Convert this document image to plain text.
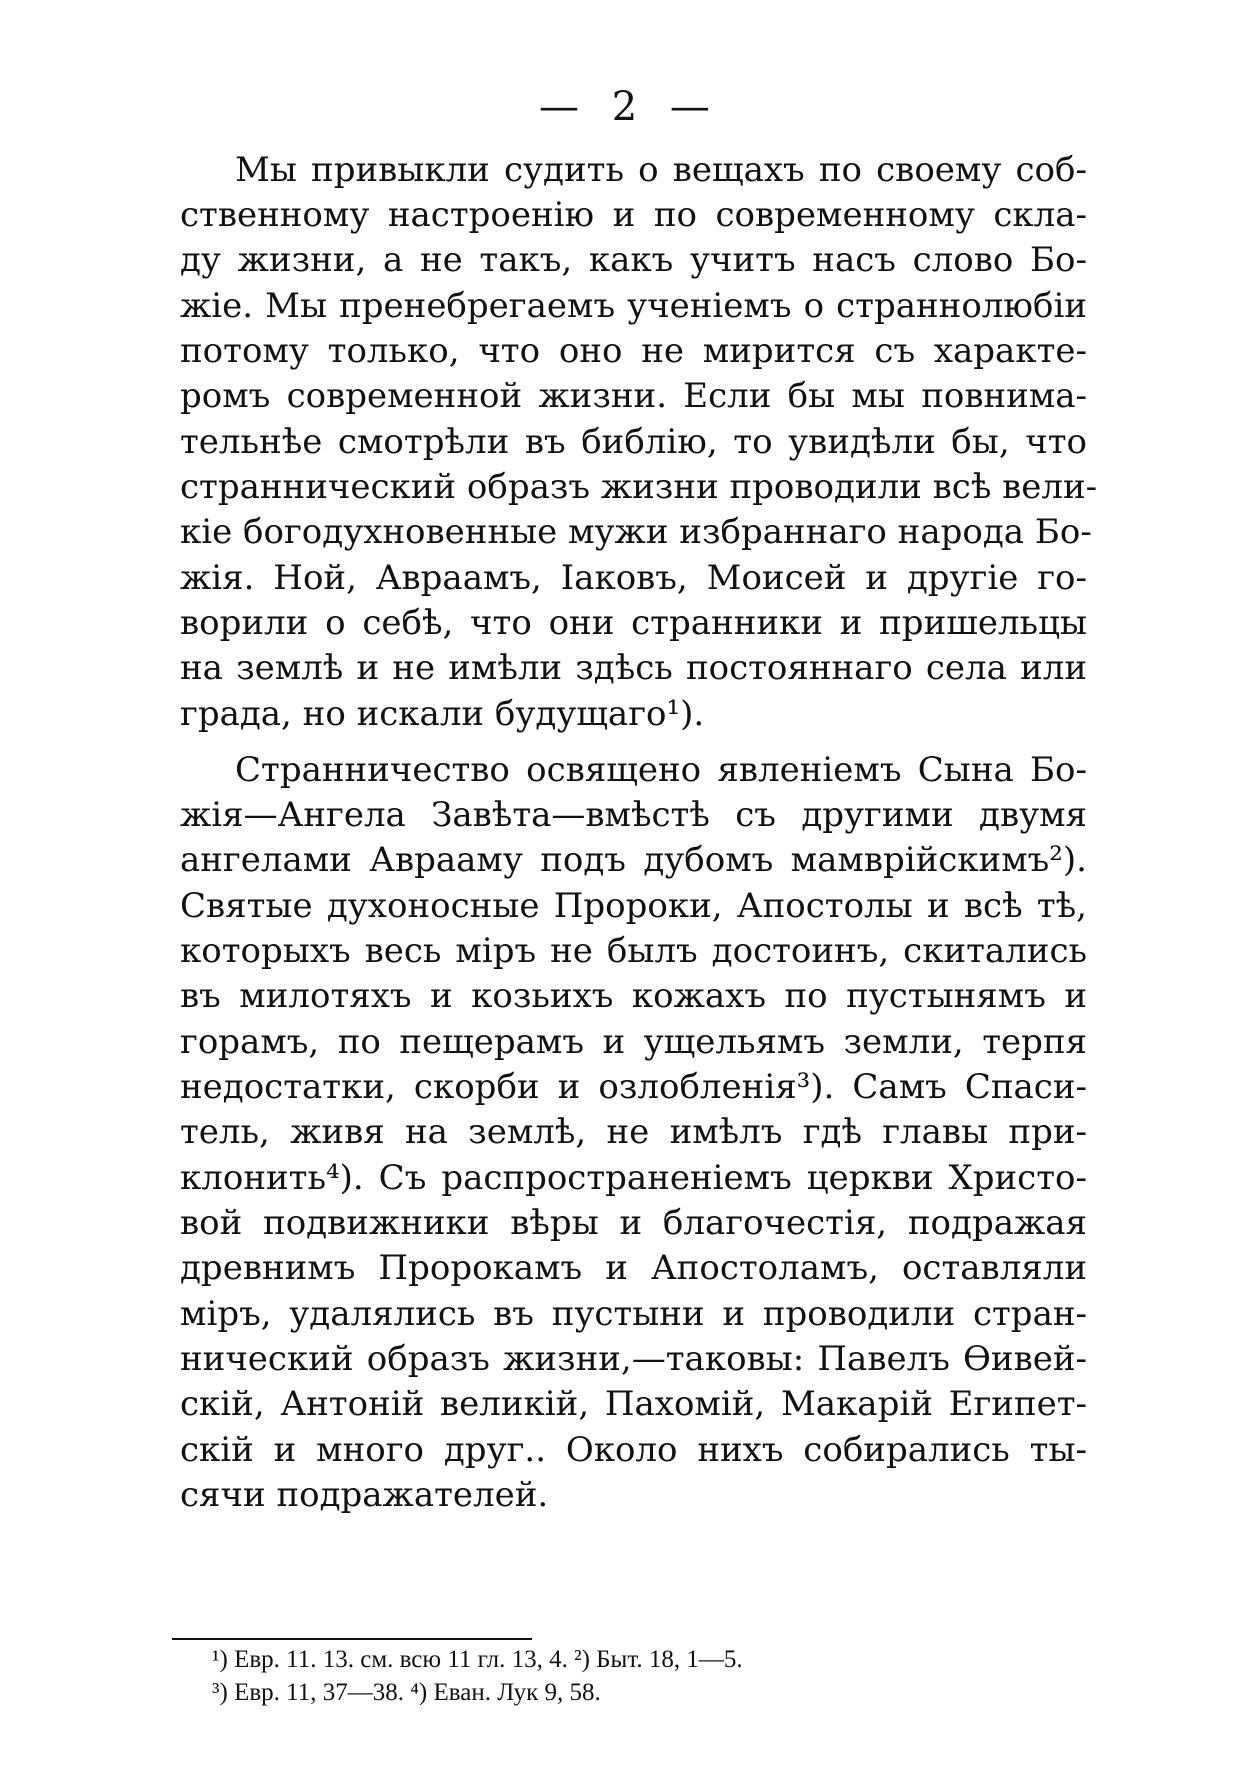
— 2 —

Мы привыкли судить о вещахъ по своему соб-

ственному настроенію и по современному скла-

ду жизни, а не такъ, какъ учитъ насъ слово Бо-

жіе. Мы пренебрегаемъ ученіемъ о страннолюбіи

потому только, что оно не мирится съ характе-

ромъ современной жизни. Если бы мы повнима-

тельнѣе смотрѣли въ библію, то увидѣли бы, что

страннический образъ жизни проводили всѣ вели-

кіе богодухновенные мужи избраннаго народа Бо-

жія. Ной, Авраамъ, Іаковъ, Моисей и другіе го-

ворили о себѣ, что они странники и пришельцы

на землѣ и не имѣли здѣсь постояннаго села или

града, но искали будущаго¹).

Странничество освящено явленіемъ Сына Бо-

жія—Ангела Завѣта—вмѣстѣ съ другими двумя

ангелами Аврааму подъ дубомъ мамврійскимъ²).

Святые духоносные Пророки, Апостолы и всѣ тѣ,

которыхъ весь міръ не былъ достоинъ, скитались

въ милотяхъ и козьихъ кожахъ по пустынямъ и

горамъ, по пещерамъ и ущельямъ земли, терпя

недостатки, скорби и озлобленія³). Самъ Спаси-

тель, живя на землѣ, не имѣлъ гдѣ главы при-

клонить⁴). Съ распространеніемъ церкви Христо-

вой подвижники вѣры и благочестія, подражая

древнимъ Пророкамъ и Апостоламъ, оставляли

міръ, удалялись въ пустыни и проводили стран-

нический образъ жизни,—таковы: Павелъ Ѳивей-

скій, Антоній великій, Пахомій, Макарій Египет-

скій и много друг.. Около нихъ собирались ты-

сячи подражателей.

¹) Евр. 11. 13. см. всю 11 гл. 13, 4. ²) Быт. 18, 1—5.

³) Евр. 11, 37—38. ⁴) Еван. Лук 9, 58.
